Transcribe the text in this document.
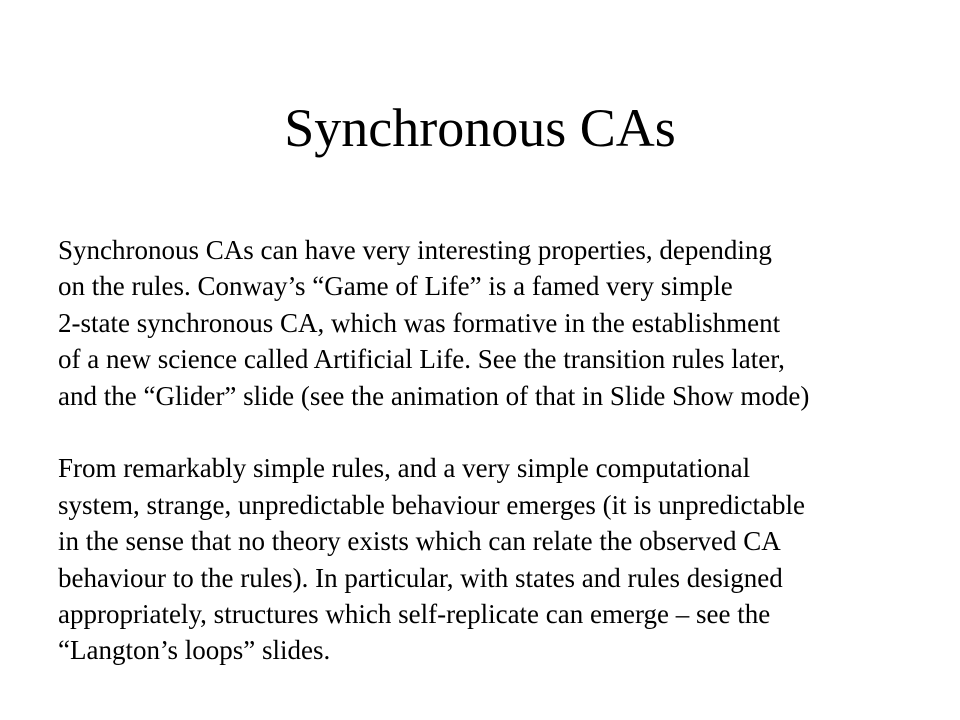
Synchronous CAs
Synchronous CAs can have very interesting properties, depending
on the rules. Conway’s “Game of Life” is a famed very simple
2-state synchronous CA, which was formative in the establishment
of a new science called Artificial Life. See the transition rules later,
and the “Glider” slide (see the animation of that in Slide Show mode)
From remarkably simple rules, and a very simple computational
system, strange, unpredictable behaviour emerges (it is unpredictable
in the sense that no theory exists which can relate the observed CA
behaviour to the rules). In particular, with states and rules designed
appropriately, structures which self-replicate can emerge – see the
“Langton’s loops” slides.
